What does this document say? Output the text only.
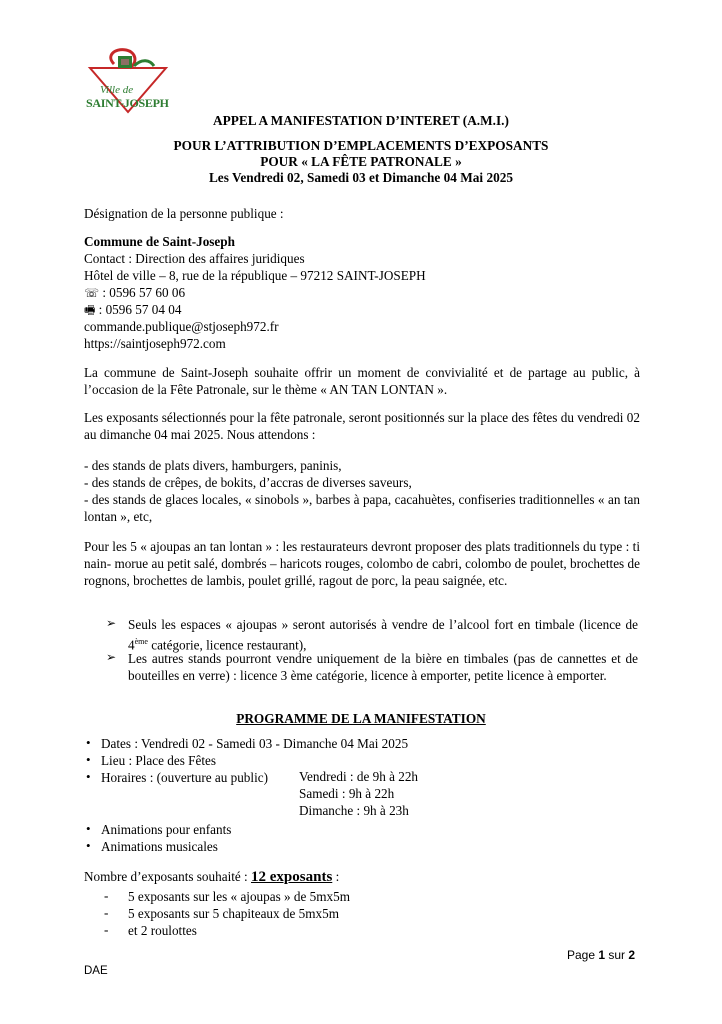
Ville de
SAINT-JOSEPH
APPEL A MANIFESTATION D’INTERET (A.M.I.)
POUR L’ATTRIBUTION D’EMPLACEMENTS D’EXPOSANTS
POUR « LA FÊTE PATRONALE »
Les Vendredi 02, Samedi 03 et Dimanche 04 Mai 2025
Désignation de la personne publique :
Commune de Saint-Joseph
Contact : Direction des affaires juridiques
Hôtel de ville – 8, rue de la république – 97212 SAINT-JOSEPH
☏ : 0596 57 60 06
🖷 : 0596 57 04 04
commande.publique@stjoseph972.fr
https://saintjoseph972.com
La commune de Saint-Joseph souhaite offrir un moment de convivialité et de partage au public, à l’occasion de la Fête Patronale, sur le thème « AN TAN LONTAN ».
Les exposants sélectionnés pour la fête patronale, seront positionnés sur la place des fêtes du vendredi 02 au dimanche 04 mai 2025. Nous attendons :
- des stands de plats divers, hamburgers, paninis,
- des stands de crêpes, de bokits, d’accras de diverses saveurs,
- des stands de glaces locales, « sinobols », barbes à papa, cacahuètes, confiseries traditionnelles « an tan lontan », etc,
Pour les 5 « ajoupas an tan lontan » : les restaurateurs devront proposer des plats traditionnels du type : ti nain- morue au petit salé, dombrés – haricots rouges, colombo de cabri, colombo de poulet, brochettes de rognons, brochettes de lambis, poulet grillé, ragout de porc, la peau saignée, etc.
➢ Seuls les espaces « ajoupas » seront autorisés à vendre de l’alcool fort en timbale (licence de 4ème catégorie, licence restaurant),
➢ Les autres stands pourront vendre uniquement de la bière en timbales (pas de cannettes et de bouteilles en verre) : licence 3 ème catégorie, licence à emporter, petite licence à emporter.
PROGRAMME DE LA MANIFESTATION
• Dates : Vendredi 02 - Samedi 03 - Dimanche 04 Mai 2025
• Lieu : Place des Fêtes
• Horaires : (ouverture au public) Vendredi : de 9h à 22h
Samedi : 9h à 22h
Dimanche : 9h à 23h
• Animations pour enfants
• Animations musicales
Nombre d’exposants souhaité : 12 exposants :
- 5 exposants sur les « ajoupas » de 5mx5m
- 5 exposants sur 5 chapiteaux de 5mx5m
- et 2 roulottes
Page 1 sur 2
DAE
